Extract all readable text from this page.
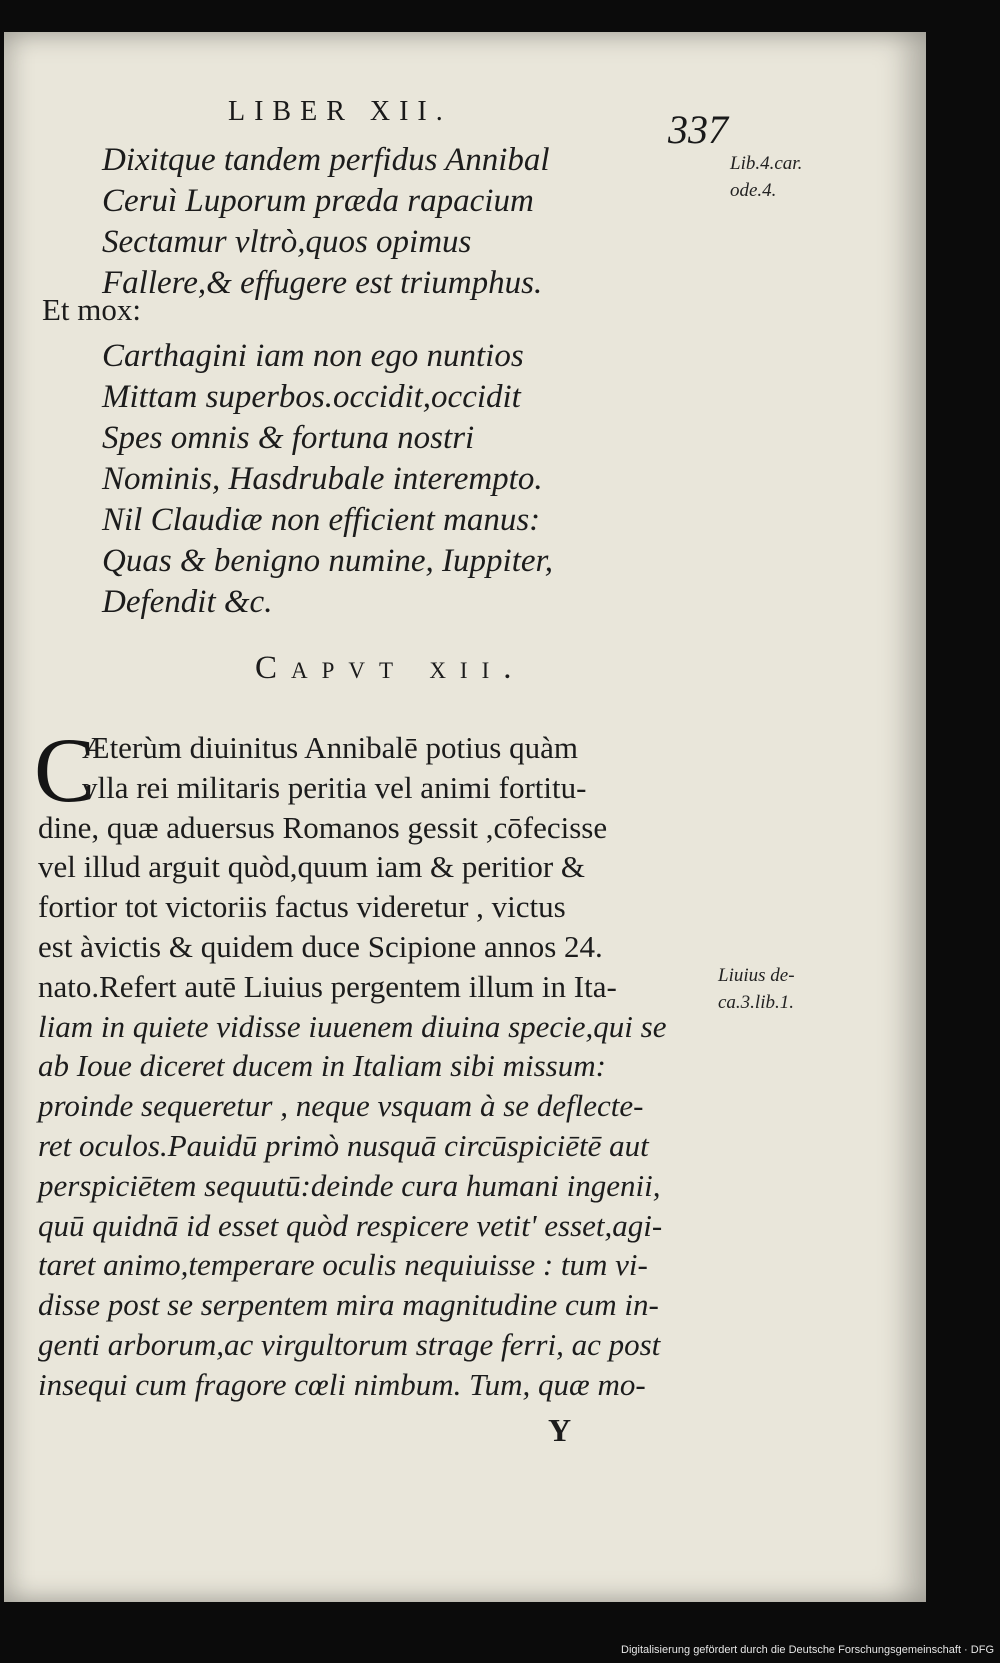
LIBER XII.	337
Lib.4.car.
ode.4.
Dixitque tandem perfidus Annibal
Ceruì Luporum præda rapacium
Sectamur vltrò,quos opimus
Fallere,& effugere est triumphus.
Et mox:
Carthagini iam non ego nuntios
Mittam superbos.occidit,occidit
Spes omnis & fortuna nostri
Nominis, Hasdrubale interempto.
Nil Claudiæ non efficient manus:
Quas & benigno numine, Iuppiter,
Defendit &c.
Capvt xii.
C
Æterùm diuinitus Annibalē potius quàm
vlla rei militaris peritia vel animi fortitu-
dine, quæ aduersus Romanos gessit ,cōfecisse
vel illud arguit quòd,quum iam & peritior &
fortior tot victoriis factus videretur , victus
est àvictis & quidem duce Scipione annos 24.
nato.Refert autē Liuius pergentem illum in Ita-
liam in quiete vidisse iuuenem diuina specie,qui se
ab Ioue diceret ducem in Italiam sibi missum:
proinde sequeretur , neque vsquam à se deflecte-
ret oculos.Pauidū primò nusquā circūspiciētē aut
perspiciētem sequutū:deinde cura humani ingenii,
quū quidnā id esset quòd respicere vetit' esset,agi-
taret animo,temperare oculis nequiuisse : tum vi-
disse post se serpentem mira magnitudine cum in-
genti arborum,ac virgultorum strage ferri, ac post
insequi cum fragore cœli nimbum. Tum, quæ mo-
Liuius de-
ca.3.lib.1.
Y
Digitalisierung gefördert durch die Deutsche Forschungsgemeinschaft · DFG
